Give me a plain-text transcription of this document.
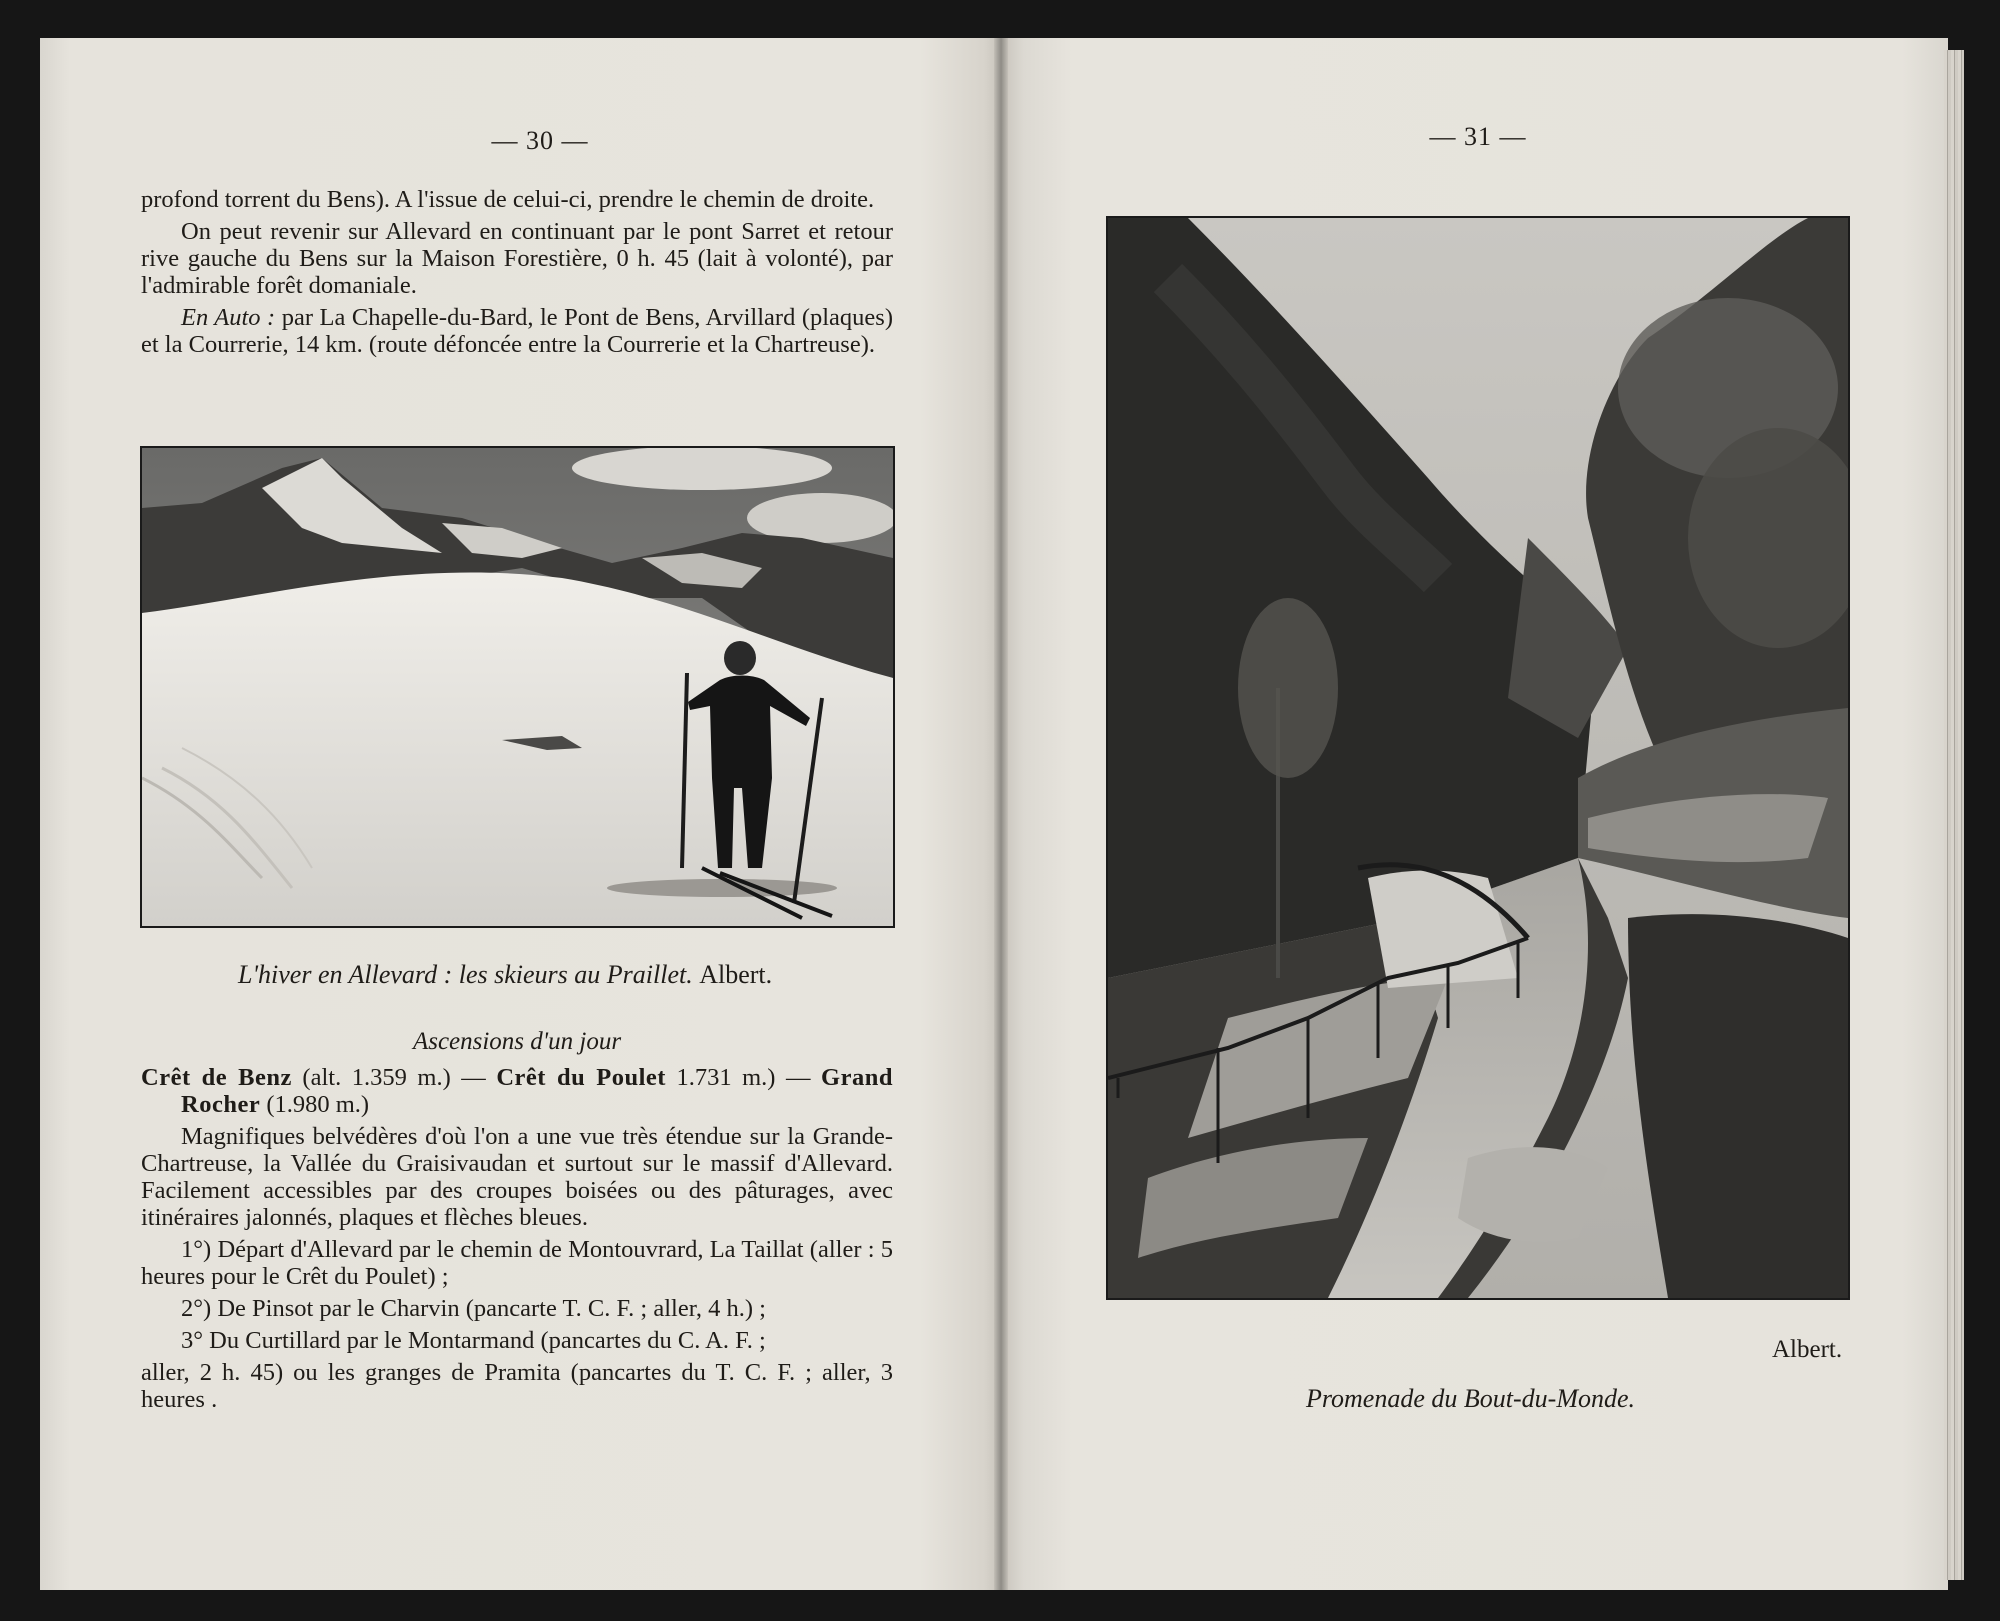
— 30 —

profond torrent du Bens). A l'issue de celui-ci, prendre le chemin de droite.

On peut revenir sur Allevard en continuant par le pont Sarret et retour rive gauche du Bens sur la Maison Forestière, 0 h. 45 (lait à volonté), par l'admirable forêt domaniale.

En Auto : par La Chapelle-du-Bard, le Pont de Bens, Arvillard (plaques) et la Courrerie, 14 km. (route défoncée entre la Courrerie et la Chartreuse).

L'hiver en Allevard : les skieurs au Praillet. Albert.
Ascensions d'un jour

Crêt de Benz (alt. 1.359 m.) — Crêt du Poulet 1.731 m.) — Grand Rocher (1.980 m.)

Magnifiques belvédères d'où l'on a une vue très étendue sur la Grande-Chartreuse, la Vallée du Graisivaudan et surtout sur le massif d'Allevard. Facilement accessibles par des croupes boisées ou des pâturages, avec itinéraires jalonnés, plaques et flèches bleues.

1°) Départ d'Allevard par le chemin de Montouvrard, La Taillat (aller : 5 heures pour le Crêt du Poulet) ;

2°) De Pinsot par le Charvin (pancarte T. C. F. ; aller, 4 h.) ;

3° Du Curtillard par le Montarmand (pancartes du C. A. F. ;

aller, 2 h. 45) ou les granges de Pramita (pancartes du T. C. F. ; aller, 3 heures .

— 31 —
Albert.
Promenade du Bout-du-Monde.
